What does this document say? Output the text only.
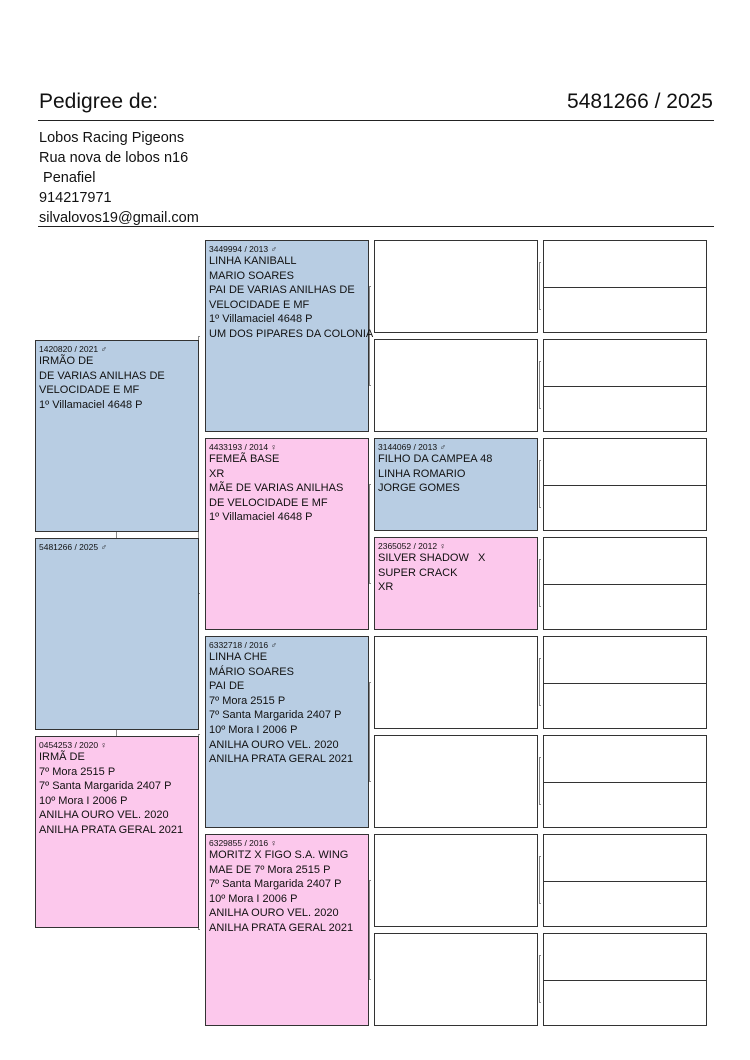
Pedigree de:	5481266 / 2025
Lobos Racing Pigeons
Rua nova de lobos n16
Penafiel
914217971
silvalovos19@gmail.com
1420820 / 2021 ♂
IRMÃO DE
DE VARIAS ANILHAS DE
VELOCIDADE E MF
1º Villamaciel 4648 P
5481266 / 2025 ♂
0454253 / 2020 ♀
IRMÃ DE
7º Mora 2515 P
7º Santa Margarida 2407 P
10º Mora I 2006 P
ANILHA OURO VEL. 2020
ANILHA PRATA GERAL 2021
3449994 / 2013 ♂
LINHA KANIBALL
MARIO SOARES
PAI DE VARIAS ANILHAS DE
VELOCIDADE E MF
1º Villamaciel 4648 P
UM DOS PIPARES DA COLONIA
4433193 / 2014 ♀
FEMEÃ BASE
XR
MÃE DE VARIAS ANILHAS
DE VELOCIDADE E MF
1º Villamaciel 4648 P
6332718 / 2016 ♂
LINHA CHE
MÁRIO SOARES
PAI DE
7º Mora 2515 P
7º Santa Margarida 2407 P
10º Mora I 2006 P
ANILHA OURO VEL. 2020
ANILHA PRATA GERAL 2021
6329855 / 2016 ♀
MORITZ X FIGO S.A. WING
MAE DE 7º Mora 2515 P
7º Santa Margarida 2407 P
10º Mora I 2006 P
ANILHA OURO VEL. 2020
ANILHA PRATA GERAL 2021
3144069 / 2013 ♂
FILHO DA CAMPEA 48
LINHA ROMARIO
JORGE GOMES
2365052 / 2012 ♀
SILVER SHADOW   X
SUPER CRACK
XR
